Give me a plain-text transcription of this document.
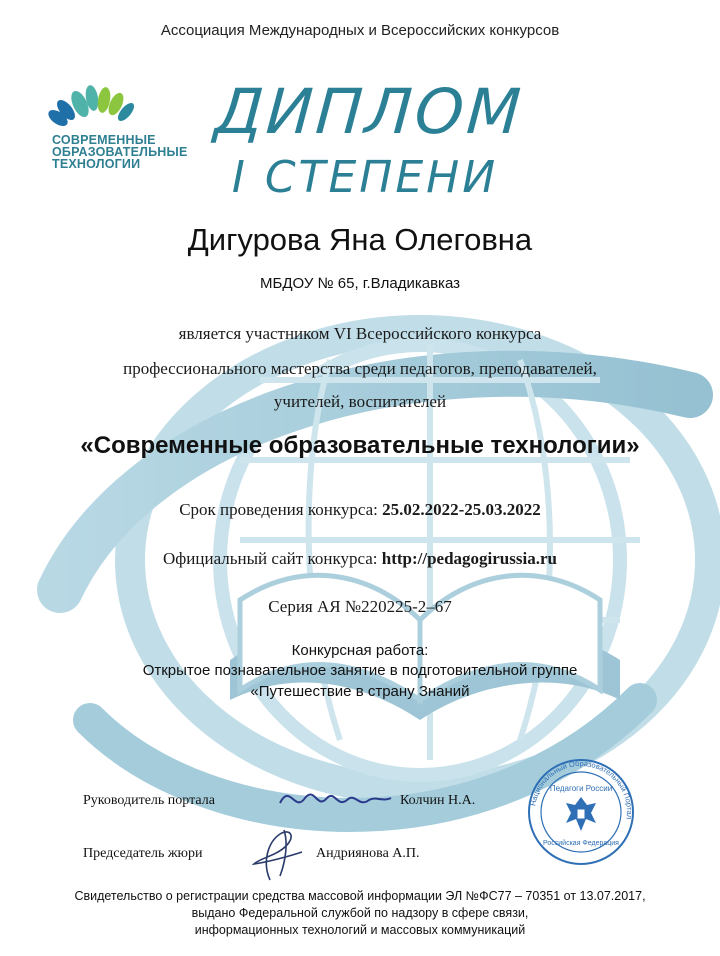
Ассоциация Международных и Всероссийских конкурсов
СОВРЕМЕННЫЕ
ОБРАЗОВАТЕЛЬНЫЕ
ТЕХНОЛОГИИ
ДИПЛОМ
I СТЕПЕНИ
Дигурова Яна Олеговна
МБДОУ № 65, г.Владикавказ
является участником VI Всероссийского конкурса
профессионального мастерства среди педагогов, преподавателей,
учителей, воспитателей
«Современные образовательные технологии»
Срок проведения конкурса: 25.02.2022-25.03.2022
Официальный сайт конкурса: http://pedagogirussia.ru
Серия АЯ №220225-2–67
Конкурсная работа:
Открытое познавательное занятие в подготовительной группе
«Путешествие в страну Знаний
Руководитель портала	Колчин Н.А.
Председатель жюри	Андриянова А.П.
Национальный Образовательный Портал
Педагоги России
Российская Федерация
Свидетельство о регистрации средства массовой информации ЭЛ №ФС77 – 70351 от 13.07.2017,
выдано Федеральной службой по надзору в сфере связи,
информационных технологий и массовых коммуникаций
